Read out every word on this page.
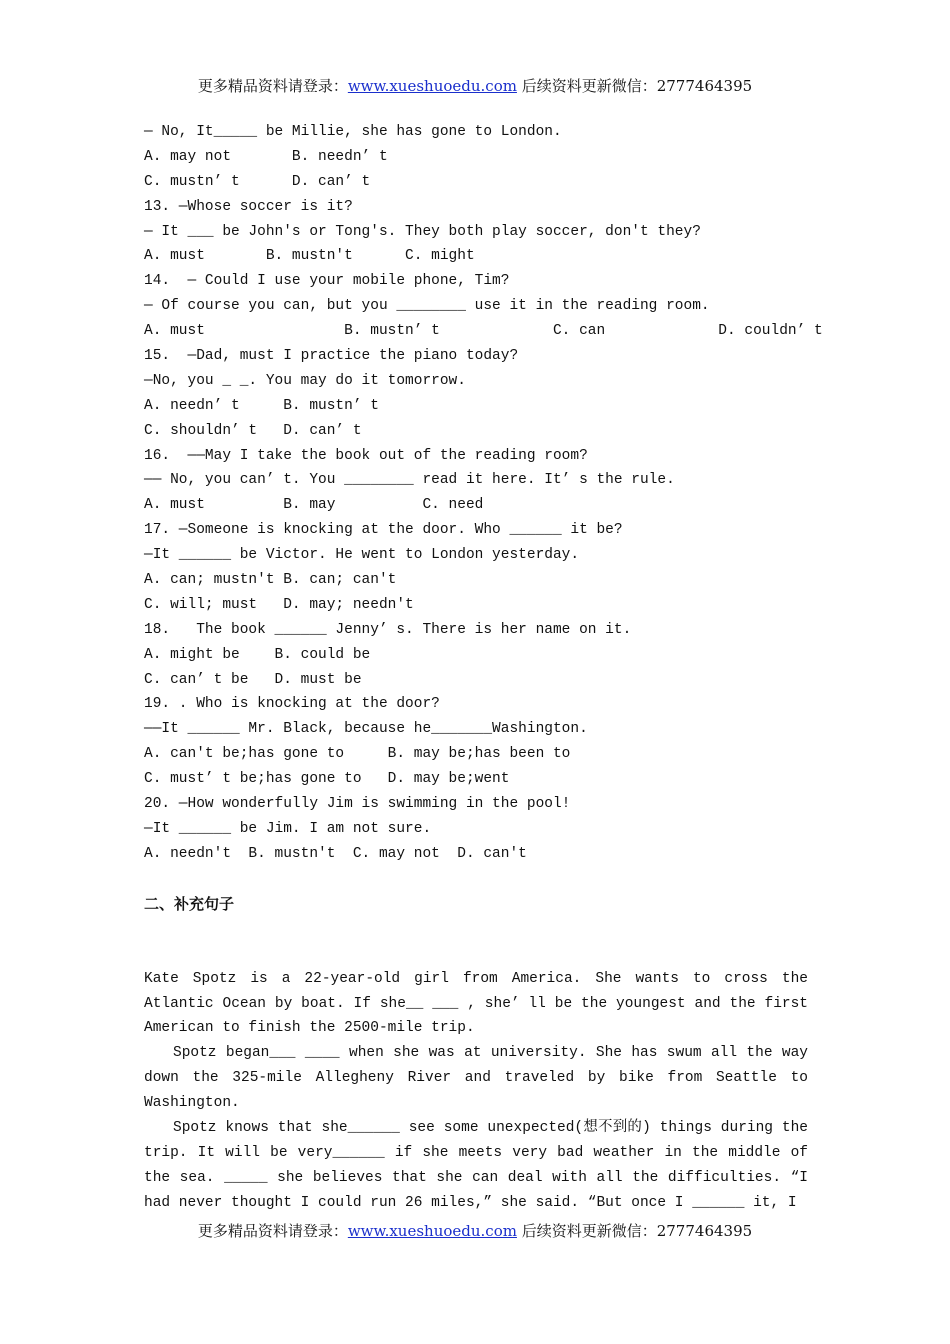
更多精品资料请登录：www.xueshuoedu.com 后续资料更新微信：2777464395
— No, It_____ be Millie, she has gone to London.
A. may not       B. needn’ t
C. mustn’ t      D. can’ t
13. —Whose soccer is it?
— It ___ be John's or Tong's. They both play soccer, don't they?
A. must       B. mustn't      C. might
14.  — Could I use your mobile phone, Tim?
— Of course you can, but you ________ use it in the reading room.
A. must                B. mustn’ t             C. can             D. couldn’ t
15.  —Dad, must I practice the piano today?
—No, you _ _. You may do it tomorrow.
A. needn’ t     B. mustn’ t
C. shouldn’ t   D. can’ t
16.  ——May I take the book out of the reading room?
—— No, you can’ t. You ________ read it here. It’ s the rule.
A. must         B. may          C. need
17. —Someone is knocking at the door. Who ______ it be?
—It ______ be Victor. He went to London yesterday.
A. can; mustn't B. can; can't
C. will; must   D. may; needn't
18.   The book ______ Jenny’ s. There is her name on it.
A. might be    B. could be
C. can’ t be   D. must be
19. . Who is knocking at the door?
——It ______ Mr. Black, because he_______Washington.
A. can't be;has gone to     B. may be;has been to
C. must’ t be;has gone to   D. may be;went
20. —How wonderfully Jim is swimming in the pool!
—It ______ be Jim. I am not sure.
A. needn't  B. mustn't  C. may not  D. can't
二、补充句子

Kate Spotz is a 22-year-old girl from America. She wants to cross the Atlantic Ocean by boat. If she__ ___ , she’ ll be the youngest and the first American to finish the 2500-mile trip.

Spotz began___ ____ when she was at university. She has swum all the way down the 325-mile Allegheny River and traveled by bike from Seattle to Washington.

Spotz knows that she______ see some unexpected(想不到的) things during the trip. It will be very______ if she meets very bad weather in the middle of the sea. _____ she believes that she can deal with all the difficulties. “I had never thought I could run 26 miles,” she said. “But once I ______ it, I

更多精品资料请登录：www.xueshuoedu.com 后续资料更新微信：2777464395
